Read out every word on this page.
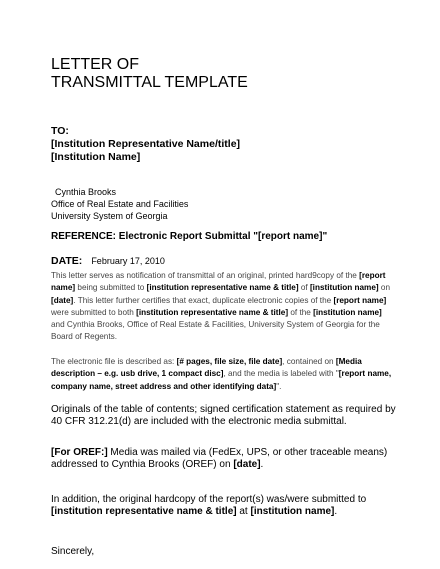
LETTER OF
TRANSMITTAL TEMPLATE
TO:
[Institution Representative Name/title]
[Institution Name]
Cynthia Brooks
Office of Real Estate and Facilities
University System of Georgia
REFERENCE: Electronic Report Submittal "[report name]"
DATE: February 17, 2010
This letter serves as notification of transmittal of an original, printed hard9copy of the [report name] being submitted to [institution representative name & title] of [institution name] on [date]. This letter further certifies that exact, duplicate electronic copies of the [report name] were submitted to both [institution representative name & title] of the [institution name] and Cynthia Brooks, Office of Real Estate & Facilities, University System of Georgia for the Board of Regents.
The electronic file is described as: [# pages, file size, file date], contained on [Media description – e.g. usb drive, 1 compact disc], and the media is labeled with "[report name, company name, street address and other identifying data]".
Originals of the table of contents; signed certification statement as required by 40 CFR 312.21(d) are included with the electronic media submittal.
[For OREF:] Media was mailed via (FedEx, UPS, or other traceable means) addressed to Cynthia Brooks (OREF) on [date].
In addition, the original hardcopy of the report(s) was/were submitted to [institution representative name & title] at [institution name].
Sincerely,
